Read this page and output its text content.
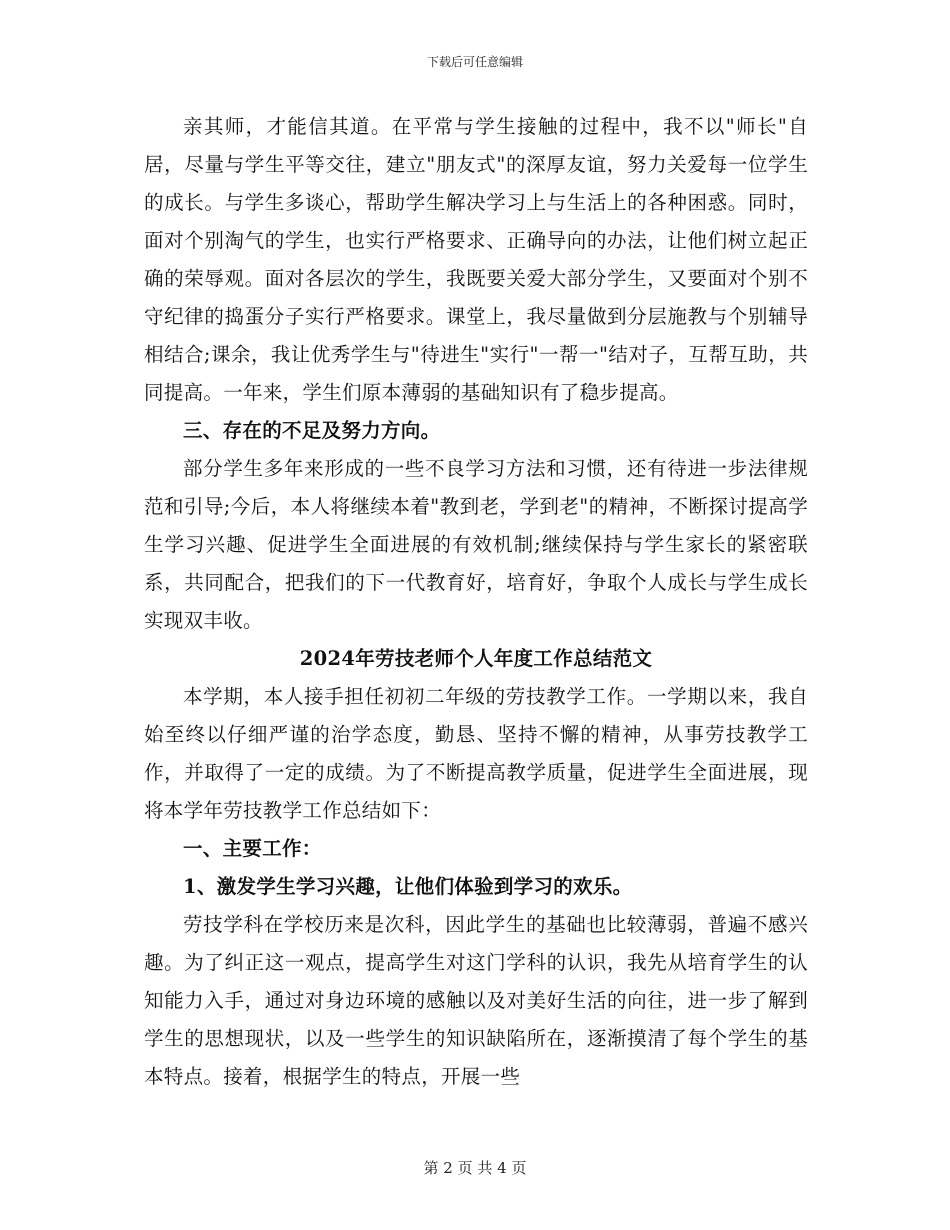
下载后可任意编辑

亲其师，才能信其道。在平常与学生接触的过程中，我不以"师长"自居，尽量与学生平等交往，建立"朋友式"的深厚友谊，努力关爱每一位学生的成长。与学生多谈心，帮助学生解决学习上与生活上的各种困惑。同时，面对个别淘气的学生，也实行严格要求、正确导向的办法，让他们树立起正确的荣辱观。面对各层次的学生，我既要关爱大部分学生，又要面对个别不守纪律的捣蛋分子实行严格要求。课堂上，我尽量做到分层施教与个别辅导相结合;课余，我让优秀学生与"待进生"实行"一帮一"结对子，互帮互助，共同提高。一年来，学生们原本薄弱的基础知识有了稳步提高。

三、存在的不足及努力方向。

部分学生多年来形成的一些不良学习方法和习惯，还有待进一步法律规范和引导;今后，本人将继续本着"教到老，学到老"的精神，不断探讨提高学生学习兴趣、促进学生全面进展的有效机制;继续保持与学生家长的紧密联系，共同配合，把我们的下一代教育好，培育好，争取个人成长与学生成长实现双丰收。

2024年劳技老师个人年度工作总结范文

本学期，本人接手担任初初二年级的劳技教学工作。一学期以来，我自始至终以仔细严谨的治学态度，勤恳、坚持不懈的精神，从事劳技教学工作，并取得了一定的成绩。为了不断提高教学质量，促进学生全面进展，现将本学年劳技教学工作总结如下：

一、主要工作：

1、激发学生学习兴趣，让他们体验到学习的欢乐。

劳技学科在学校历来是次科，因此学生的基础也比较薄弱，普遍不感兴趣。为了纠正这一观点，提高学生对这门学科的认识，我先从培育学生的认知能力入手，通过对身边环境的感触以及对美好生活的向往，进一步了解到学生的思想现状，以及一些学生的知识缺陷所在，逐渐摸清了每个学生的基本特点。接着，根据学生的特点，开展一些

第 2 页 共 4 页
